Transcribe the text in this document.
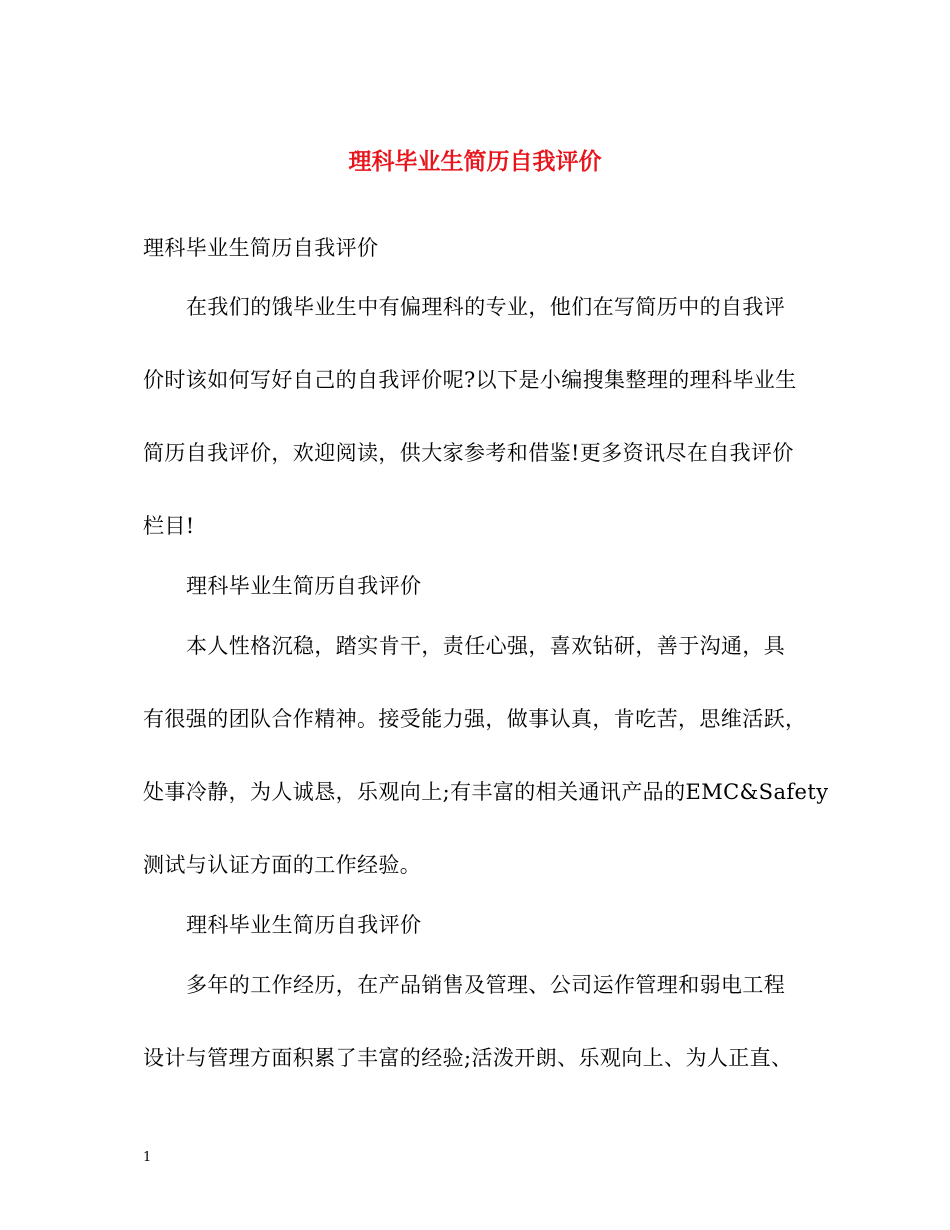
理科毕业生简历自我评价
理科毕业生简历自我评价
在我们的饿毕业生中有偏理科的专业，他们在写简历中的自我评
价时该如何写好自己的自我评价呢?以下是小编搜集整理的理科毕业生
简历自我评价，欢迎阅读，供大家参考和借鉴!更多资讯尽在自我评价
栏目!
理科毕业生简历自我评价
本人性格沉稳，踏实肯干，责任心强，喜欢钻研，善于沟通，具
有很强的团队合作精神。接受能力强，做事认真，肯吃苦，思维活跃，
处事冷静，为人诚恳，乐观向上;有丰富的相关通讯产品的EMC&Safety
测试与认证方面的工作经验。
理科毕业生简历自我评价
多年的工作经历，在产品销售及管理、公司运作管理和弱电工程
设计与管理方面积累了丰富的经验;活泼开朗、乐观向上、为人正直、
1
